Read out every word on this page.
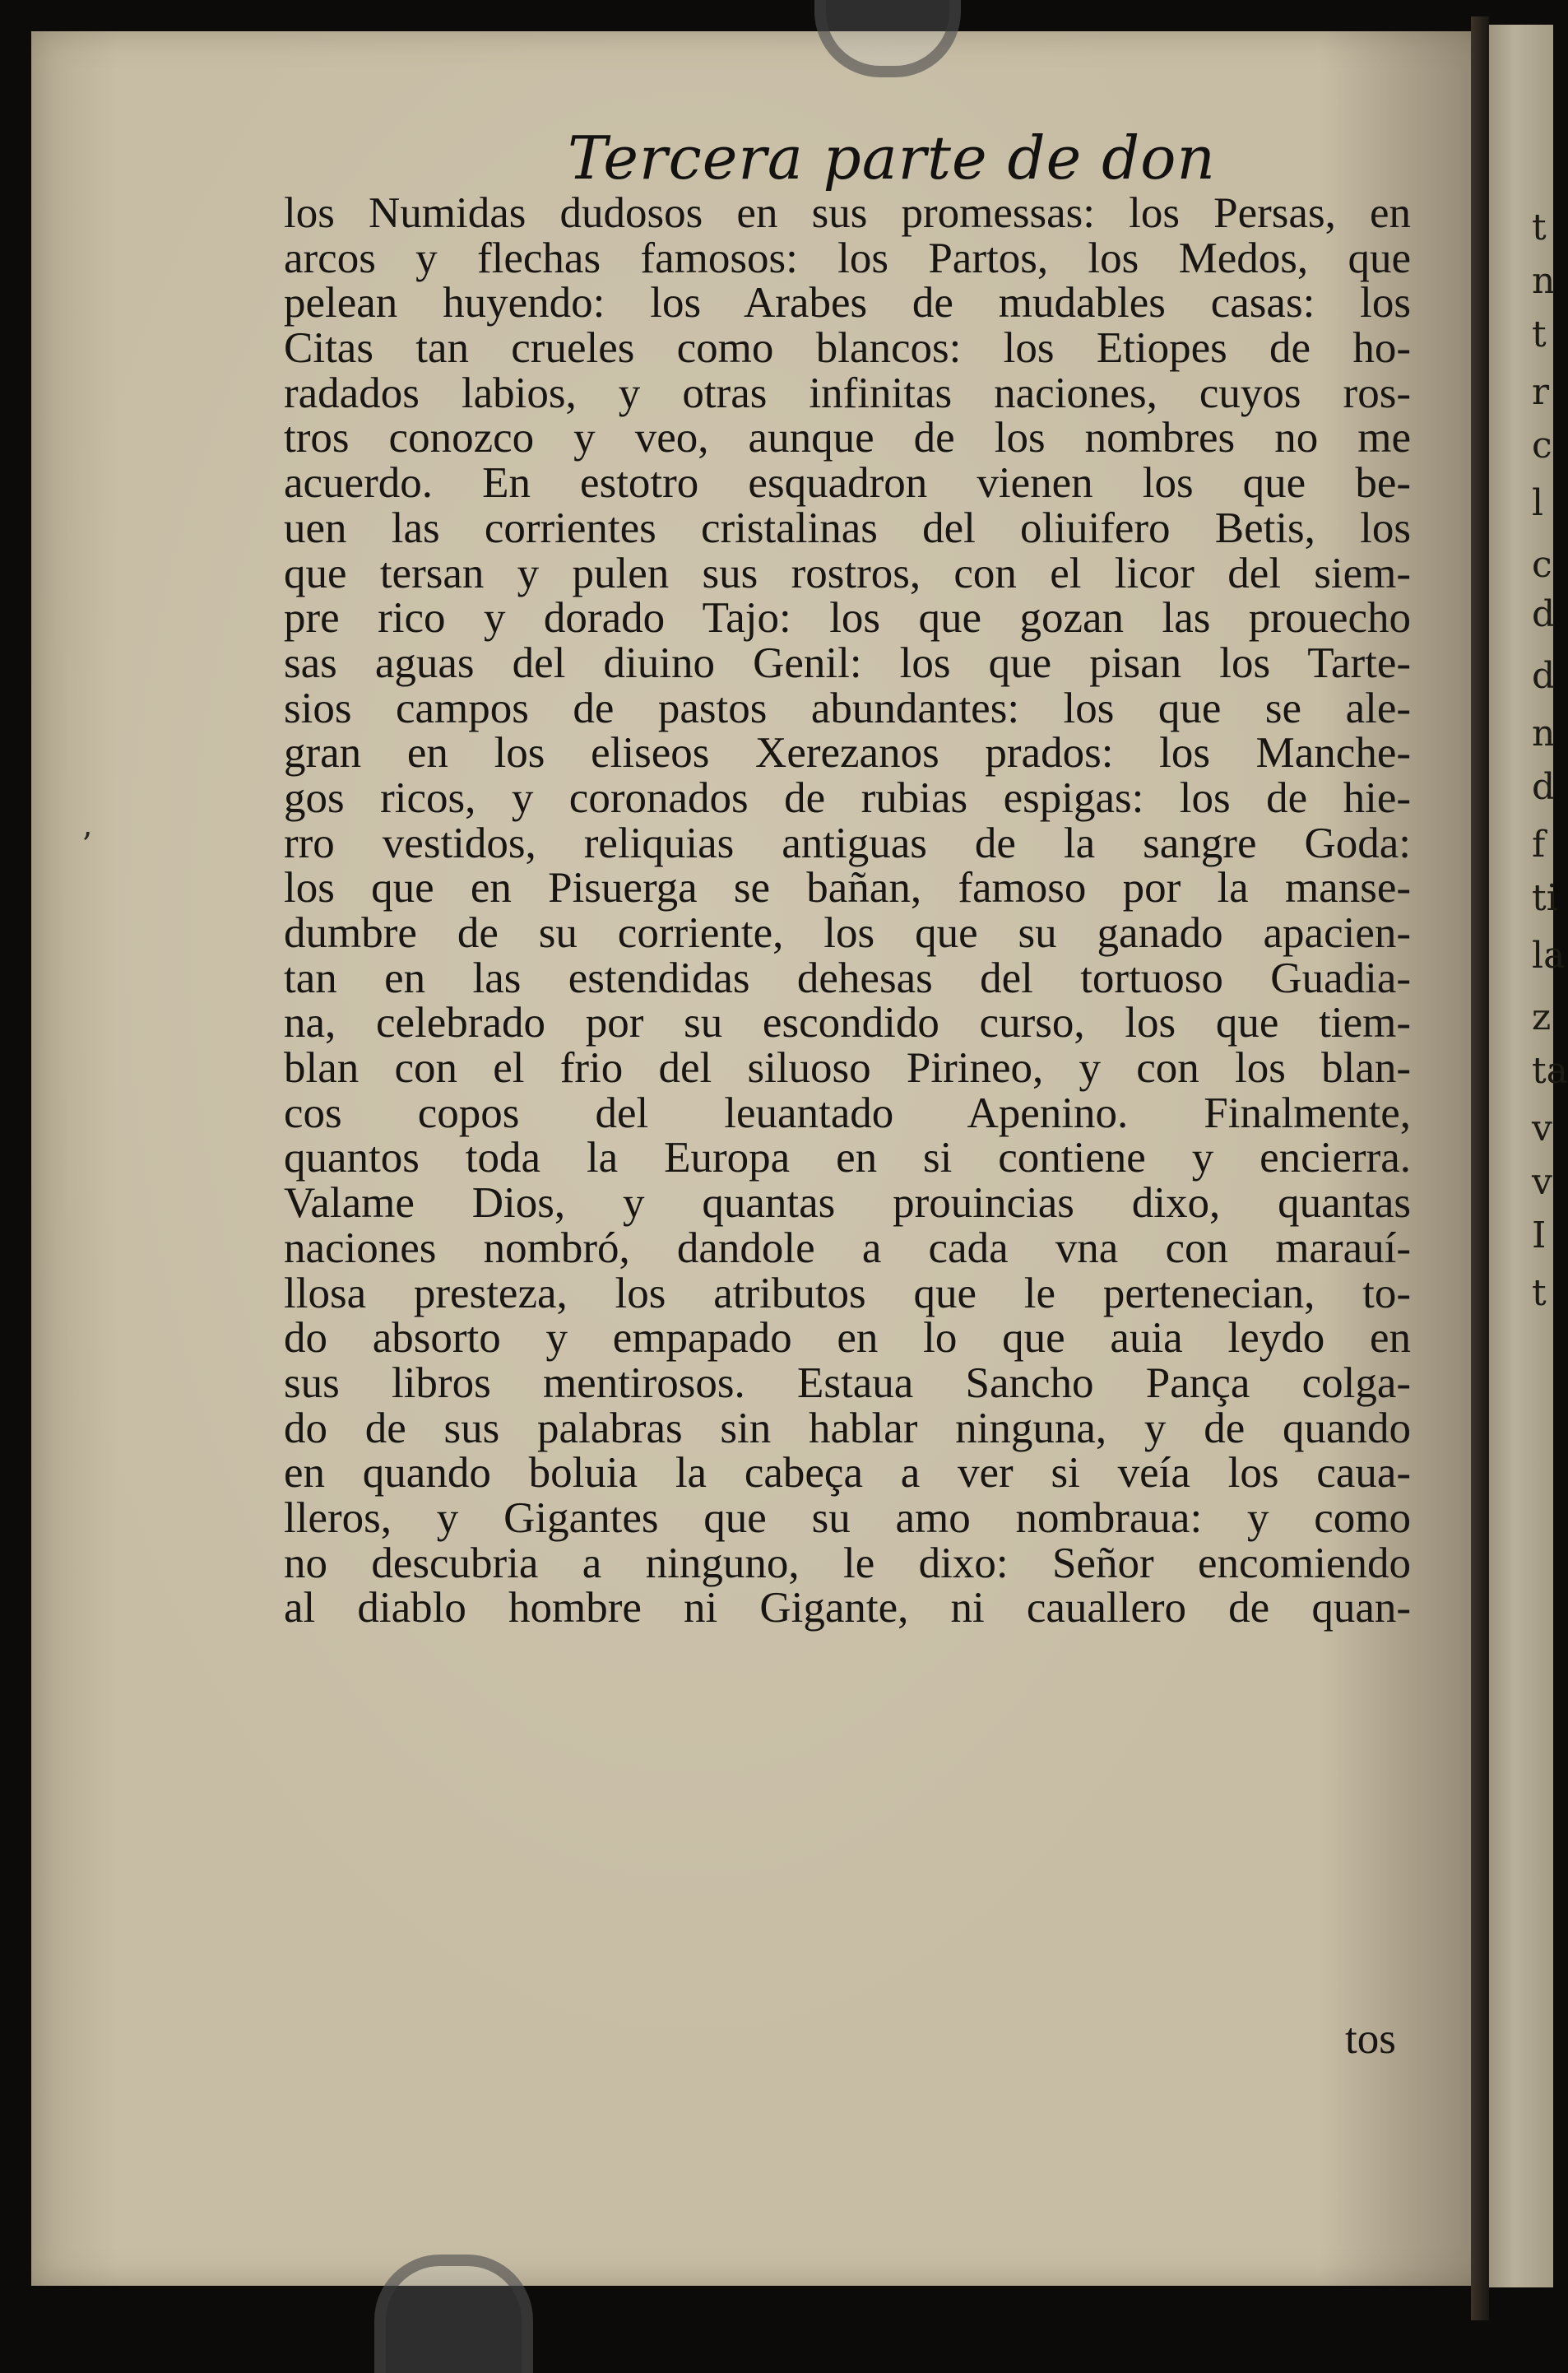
t
n
t
r
c
l
c
d
d
n
d
f
ti
la
z
ta
v
v
I
t
ʼ
Tercera parte de don
los Numidas dudosos en sus promessas: los Persas, en
arcos y flechas famosos: los Partos, los Medos, que
pelean huyendo: los Arabes de mudables casas: los
Citas tan crueles como blancos: los Etiopes de ho-
radados labios, y otras infinitas naciones, cuyos ros-
tros conozco y veo, aunque de los nombres no me
acuerdo. En estotro esquadron vienen los que be-
uen las corrientes cristalinas del oliuifero Betis, los
que tersan y pulen sus rostros, con el licor del siem-
pre rico y dorado Tajo: los que gozan las prouecho
sas aguas del diuino Genil: los que pisan los Tarte-
sios campos de pastos abundantes: los que se ale-
gran en los eliseos Xerezanos prados: los Manche-
gos ricos, y coronados de rubias espigas: los de hie-
rro vestidos, reliquias antiguas de la sangre Goda:
los que en Pisuerga se bañan, famoso por la manse-
dumbre de su corriente, los que su ganado apacien-
tan en las estendidas dehesas del tortuoso Guadia-
na, celebrado por su escondido curso, los que tiem-
blan con el frio del siluoso Pirineo, y con los blan-
cos copos del leuantado Apenino. Finalmente,
quantos toda la Europa en si contiene y encierra.
Valame Dios, y quantas prouincias dixo, quantas
naciones nombró, dandole a cada vna con marauí-
llosa presteza, los atributos que le pertenecian, to-
do absorto y empapado en lo que auia leydo en
sus libros mentirosos. Estaua Sancho Pança colga-
do de sus palabras sin hablar ninguna, y de quando
en quando boluia la cabeça a ver si veía los caua-
lleros, y Gigantes que su amo nombraua: y como
no descubria a ninguno, le dixo: Señor encomiendo
al diablo hombre ni Gigante, ni cauallero de quan-
tos
